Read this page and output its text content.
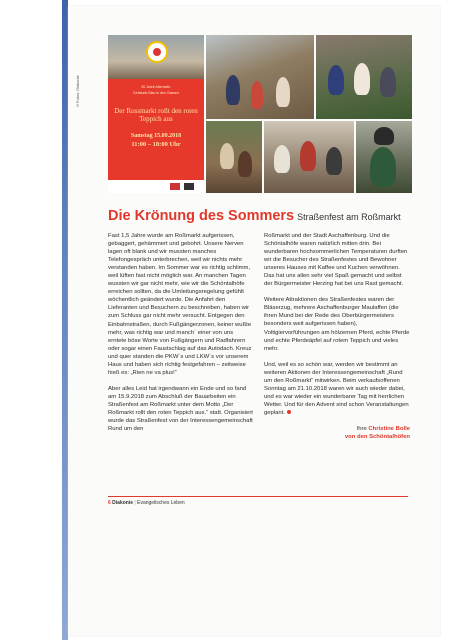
©Fotos: Diakonie	30 Jahre Alternativ.
Gebäude Blau in den Gassen
Der Rossmarkt rollt den roten Teppich aus
Samstag 15.09.2018
11:00 – 18:00 Uhr
Die Krönung des Sommers Straßenfest am Roßmarkt

Fast 1,5 Jahre wurde am Roßmarkt aufgerissen, gebaggert, gehämmert und gebohrt. Unsere Nerven lagen oft blank und wir mussten manches Telefongespräch unterbrechen, weil wir nichts mehr verstanden haben. Im Sommer war es richtig schlimm, weil lüften fast nicht möglich war. An manchen Tagen wussten wir gar nicht mehr, wie wir die Schöntalhöfe erreichen sollten, da die Umleitungsregelung gefühlt wöchentlich geändert wurde. Die Anfahrt den Lieferanten und Besuchern zu beschreiben, haben wir zum Schluss gar nicht mehr versucht. Entgegen den Einbahnstraßen, durch Fußgängerzonen, keiner wußte mehr, was richtig war und manch´ einer von uns erntete böse Worte von Fußgängern und Radfahrern oder sogar einen Faustschlag auf das Autodach. Kreuz und quer standen die PKW´s und LKW´s vor unserem Haus und haben sich richtig festgefahren – zeitweise hieß es: „Rien ne va plus!“

Aber alles Leid hat irgendwann ein Ende und so fand am 15.9.2018 zum Abschluß der Bauarbeiten ein Straßenfest am Roßmarkt unter dem Motto „Der Roßmarkt rollt den roten Teppich aus.“ statt. Organisiert wurde das Straßenfest von der Interessengemeinschaft Rund um den

Roßmarkt und der Stadt Aschaffenburg. Und die Schöntalhöfe waren natürlich mitten drin. Bei wunderbaren hochsommerlichen Temperaturen durften wir die Besucher des Straßenfestes und Bewohner unseres Hauses mit Kaffee und Kuchen verwöhnen. Das hat uns allen sehr viel Spaß gemacht und selbst der Bürgermeister Herzing hat bei uns Rast gemacht.

Weitere Attraktionen des Straßenfestes waren der Bläserzug, mehrere Aschaffenburger Maulaffen (die ihren Mund bei der Rede des Oberbürgermeisters besonders weit aufgerissen haben), Voltigiervorführungen am hölzernen Pferd, echte Pferde und echte Pferdeäpfel auf rotem Teppich und vieles mehr.

Und, weil es so schön war, werden wir bestimmt an weiteren Aktionen der Interessengemeinschaft „Rund um den Roßmarkt“ mitwirken. Beim verkaufsoffenen Sonntag am 21.10.2018 waren wir auch wieder dabei, und es war wieder ein wunderbarer Tag mit herrlichen Wetter. Und für den Advent sind schon Veranstaltungen geplant.

Ihre Christine Bolle
von den Schöntalhöfen
6 Diakonie | Evangelisches Leben
